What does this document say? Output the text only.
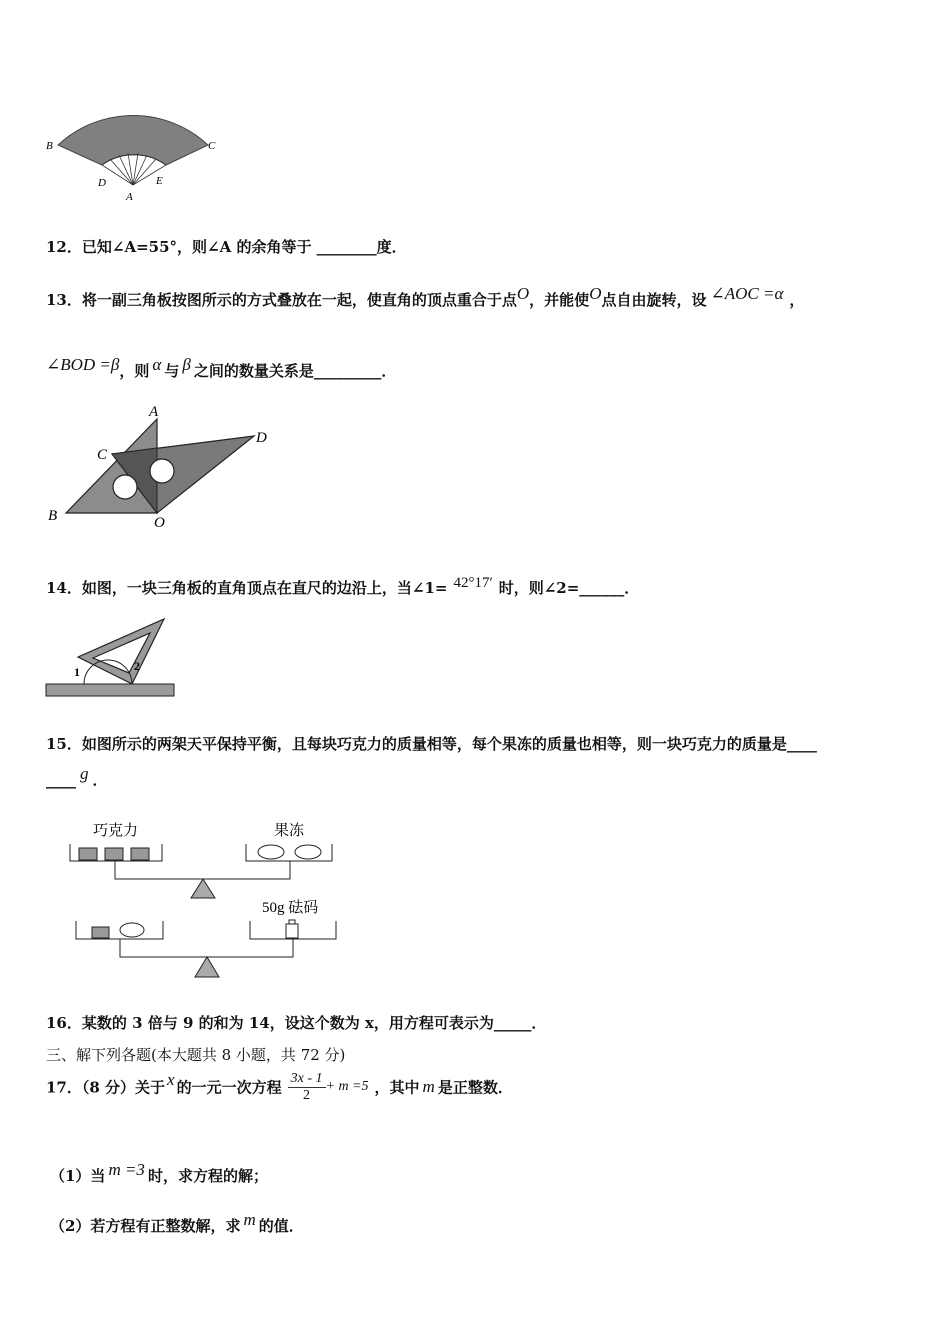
B	C
D	E
A
12．已知∠A=55°，则∠A 的余角等于 ________度．
13．将一副三角板按图所示的方式叠放在一起，使直角的顶点重合于点$^O$，并能使$^O$点自由旋转，设 $^{\angle AOC =\alpha}$ ，
$^{\angle BOD =\beta}$，则 $^\alpha$ 与 $^\beta$ 之间的数量关系是_________．
A
B
C
D
O
14．如图，一块三角板的直角顶点在直尺的边沿上，当∠1= $^{42^\circ 17'}$ 时，则∠2=______．
1	2
15．如图所示的两架天平保持平衡，且每块巧克力的质量相等，每个果冻的质量也相等，则一块巧克力的质量是____
____ $^g$ ．
巧克力	果冻
50g 砝码
16．某数的 3 倍与 9 的和为 14，设这个数为 x，用方程可表示为_____．
三、解下列各题(本大题共 8 小题，共 72 分)
17．（8 分）关于 x 的一元一次方程 $\frac{3x - 1}{2} + m =5$ ，其中 m 是正整数．
（1）当 $^{m =3}$ 时，求方程的解；
（2）若方程有正整数解，求 $^m$ 的值．
